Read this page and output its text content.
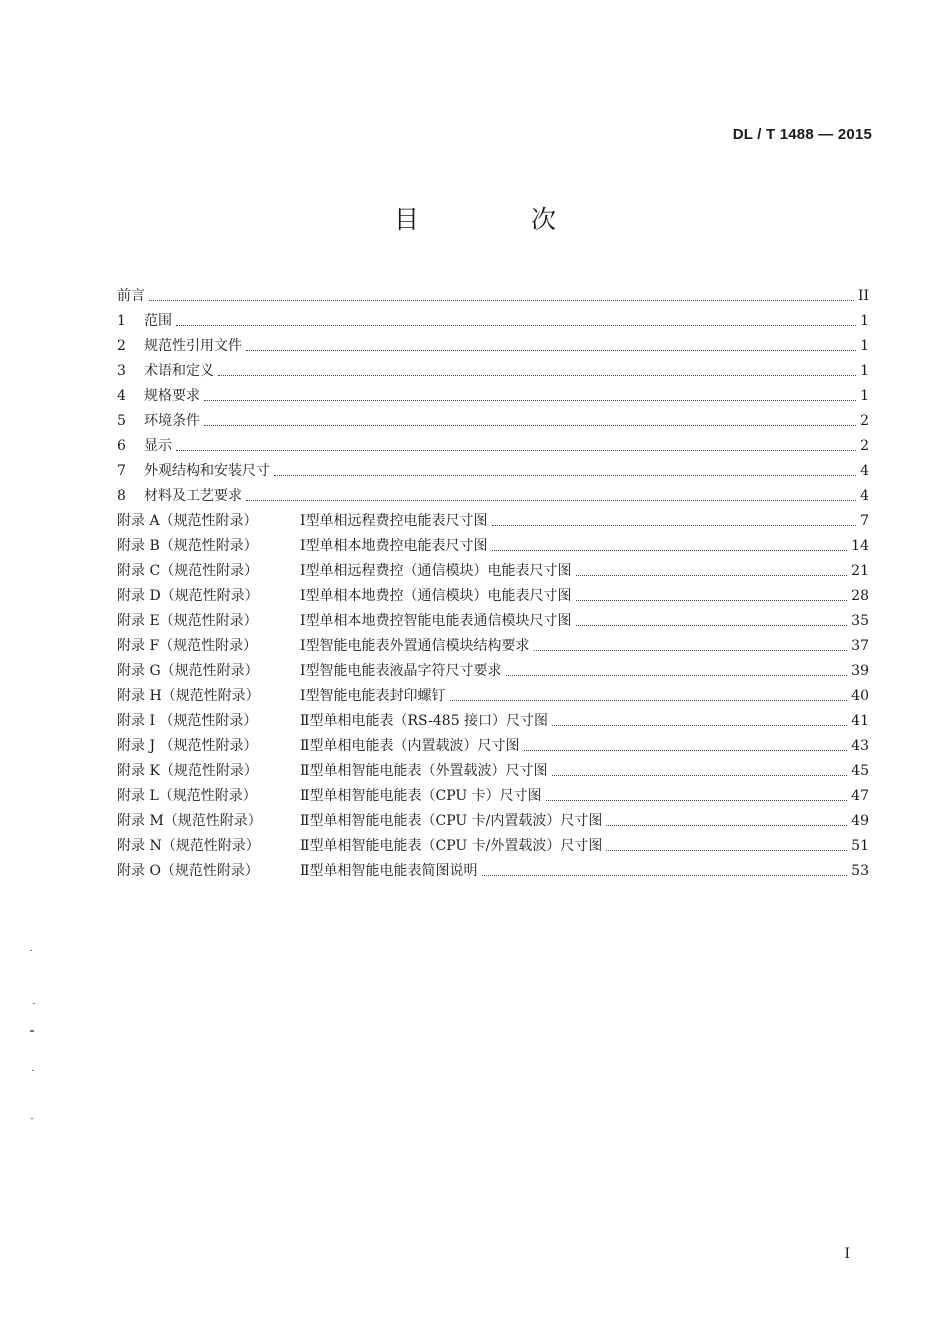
DL / T 1488 — 2015
目 次
前言	II
1	范围	1
2	规范性引用文件	1
3	术语和定义	1
4	规格要求	1
5	环境条件	2
6	显示	2
7	外观结构和安装尺寸	4
8	材料及工艺要求	4
附录 A（规范性附录）	Ⅰ型单相远程费控电能表尺寸图	7
附录 B（规范性附录）	Ⅰ型单相本地费控电能表尺寸图	14
附录 C（规范性附录）	Ⅰ型单相远程费控（通信模块）电能表尺寸图	21
附录 D（规范性附录）	Ⅰ型单相本地费控（通信模块）电能表尺寸图	28
附录 E（规范性附录）	Ⅰ型单相本地费控智能电能表通信模块尺寸图	35
附录 F（规范性附录）	Ⅰ型智能电能表外置通信模块结构要求	37
附录 G（规范性附录）	Ⅰ型智能电能表液晶字符尺寸要求	39
附录 H（规范性附录）	Ⅰ型智能电能表封印螺钉	40
附录 I （规范性附录）	Ⅱ型单相电能表（RS-485 接口）尺寸图	41
附录 J （规范性附录）	Ⅱ型单相电能表（内置载波）尺寸图	43
附录 K（规范性附录）	Ⅱ型单相智能电能表（外置载波）尺寸图	45
附录 L（规范性附录）	Ⅱ型单相智能电能表（CPU 卡）尺寸图	47
附录 M（规范性附录）	Ⅱ型单相智能电能表（CPU 卡/内置载波）尺寸图	49
附录 N（规范性附录）	Ⅱ型单相智能电能表（CPU 卡/外置载波）尺寸图	51
附录 O（规范性附录）	Ⅱ型单相智能电能表简图说明	53
I
